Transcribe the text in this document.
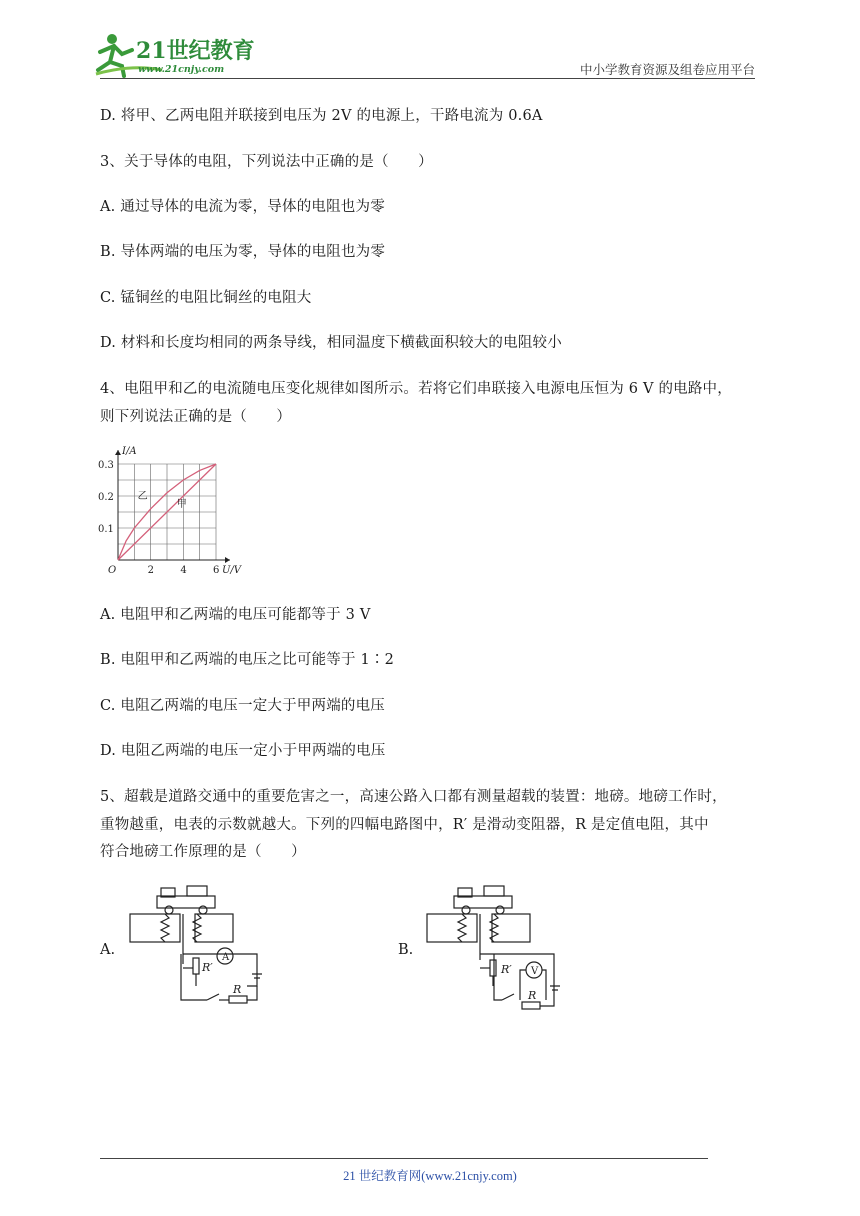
21世纪教育
www.21cnjy.com	中小学教育资源及组卷应用平台
D. 将甲、乙两电阻并联接到电压为 2V 的电源上，干路电流为 0.6A
3、关于导体的电阻，下列说法中正确的是（　　）
A. 通过导体的电流为零，导体的电阻也为零
B. 导体两端的电压为零，导体的电阻也为零
C. 锰铜丝的电阻比铜丝的电阻大
D. 材料和长度均相同的两条导线，相同温度下横截面积较大的电阻较小
4、电阻甲和乙的电流随电压变化规律如图所示。若将它们串联接入电源电压恒为 6 V 的电路中，
则下列说法正确的是（　　）
2	4	6
0.1
0.2
0.3
O	U/V
I/A
乙
甲
A. 电阻甲和乙两端的电压可能都等于 3 V
B. 电阻甲和乙两端的电压之比可能等于 1∶2
C. 电阻乙两端的电压一定大于甲两端的电压
D. 电阻乙两端的电压一定小于甲两端的电压
5、超载是道路交通中的重要危害之一，高速公路入口都有测量超载的装置：地磅。地磅工作时，
重物越重，电表的示数就越大。下列的四幅电路图中，R′ 是滑动变阻器，R 是定值电阻，其中
符合地磅工作原理的是（　　）
A.	B.
A
R′
R
V
R′
R
21 世纪教育网(www.21cnjy.com)
